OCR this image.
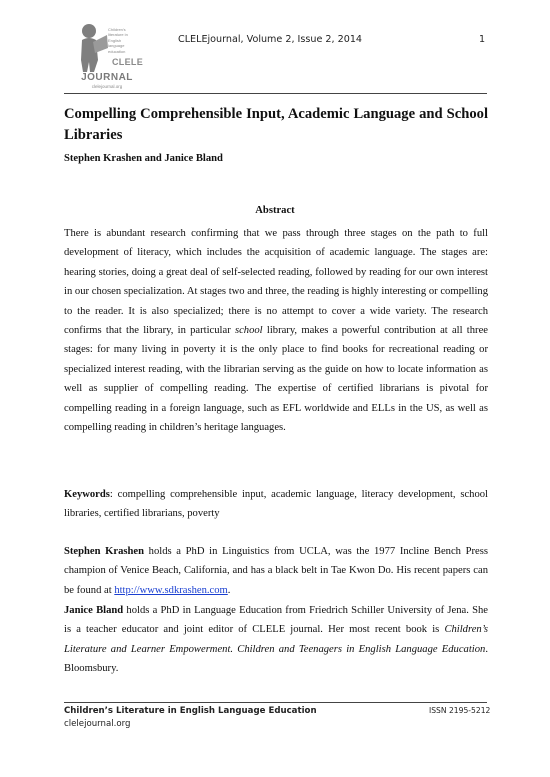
Children's
literature in
English
language
education
CLELE
JOURNAL
clelejournal.org
CLELEjournal, Volume 2, Issue 2, 2014	1
Compelling Comprehensible Input, Academic Language and School
Libraries
Stephen Krashen and Janice Bland
Abstract

There is abundant research confirming that we pass through three stages on the path to full development of literacy, which includes the acquisition of academic language. The stages are: hearing stories, doing a great deal of self-selected reading, followed by reading for our own interest in our chosen specialization. At stages two and three, the reading is highly interesting or compelling to the reader. It is also specialized; there is no attempt to cover a wide variety. The research confirms that the library, in particular school library, makes a powerful contribution at all three stages: for many living in poverty it is the only place to find books for recreational reading or specialized interest reading, with the librarian serving as the guide on how to locate information as well as supplier of compelling reading. The expertise of certified librarians is pivotal for compelling reading in a foreign language, such as EFL worldwide and ELLs in the US, as well as compelling reading in children’s heritage languages.

Keywords: compelling comprehensible input, academic language, literacy development, school libraries, certified librarians, poverty

Stephen Krashen holds a PhD in Linguistics from UCLA, was the 1977 Incline Bench Press champion of Venice Beach, California, and has a black belt in Tae Kwon Do. His recent papers can be found at http://www.sdkrashen.com.

Janice Bland holds a PhD in Language Education from Friedrich Schiller University of Jena. She is a teacher educator and joint editor of CLELE journal. Her most recent book is Children’s Literature and Learner Empowerment. Children and Teenagers in English Language Education. Bloomsbury.

Children’s Literature in English Language Education
clelejournal.org
ISSN 2195-5212
